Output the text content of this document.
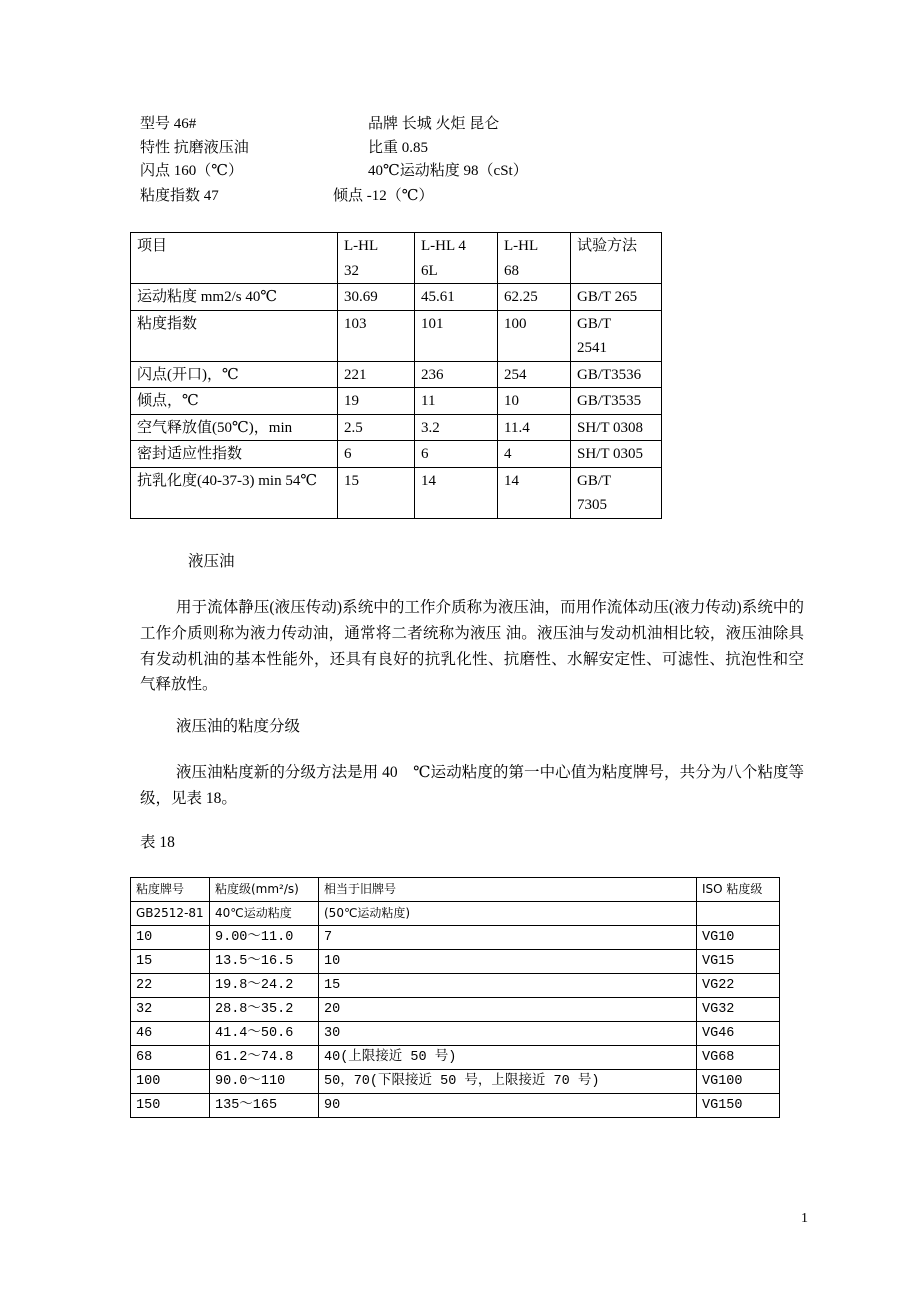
型号 46#	品牌 长城 火炬 昆仑
特性 抗磨液压油	比重 0.85
闪点 160（℃）	40℃运动粘度 98（cSt）
粘度指数 47	倾点 -12（℃）
项目	L-HL 32	L-HL 46L	L-HL 68	试验方法
运动粘度 mm2/s 40℃	30.69	45.61	62.25	GB/T 265
粘度指数	103	101	100	GB/T 2541
闪点(开口)，℃	221	236	254	GB/T3536
倾点，℃	19	11	10	GB/T3535
空气释放值(50℃)，min	2.5	3.2	11.4	SH/T 0308
密封适应性指数	6	6	4	SH/T 0305
抗乳化度(40-37-3) min 54℃	15	14	14	GB/T 7305
液压油
用于流体静压(液压传动)系统中的工作介质称为液压油，而用作流体动压(液力传动)系统中的工作介质则称为液力传动油，通常将二者统称为液压 油。液压油与发动机油相比较，液压油除具有发动机油的基本性能外，还具有良好的抗乳化性、抗磨性、水解安定性、可滤性、抗泡性和空气释放性。
液压油的粘度分级
液压油粘度新的分级方法是用 40　℃运动粘度的第一中心值为粘度牌号，共分为八个粘度等级，见表 18。
表 18
粘度牌号	粘度级(mm²/s)	相当于旧牌号	ISO 粘度级
GB2512-81	40℃运动粘度	(50℃运动粘度)	
10	9.00～11.0	7	VG10
15	13.5～16.5	10	VG15
22	19.8～24.2	15	VG22
32	28.8～35.2	20	VG32
46	41.4～50.6	30	VG46
68	61.2～74.8	40(上限接近 50 号)	VG68
100	90.0～110	50，70(下限接近 50 号，上限接近 70 号)	VG100
150	135～165	90	VG150
1
